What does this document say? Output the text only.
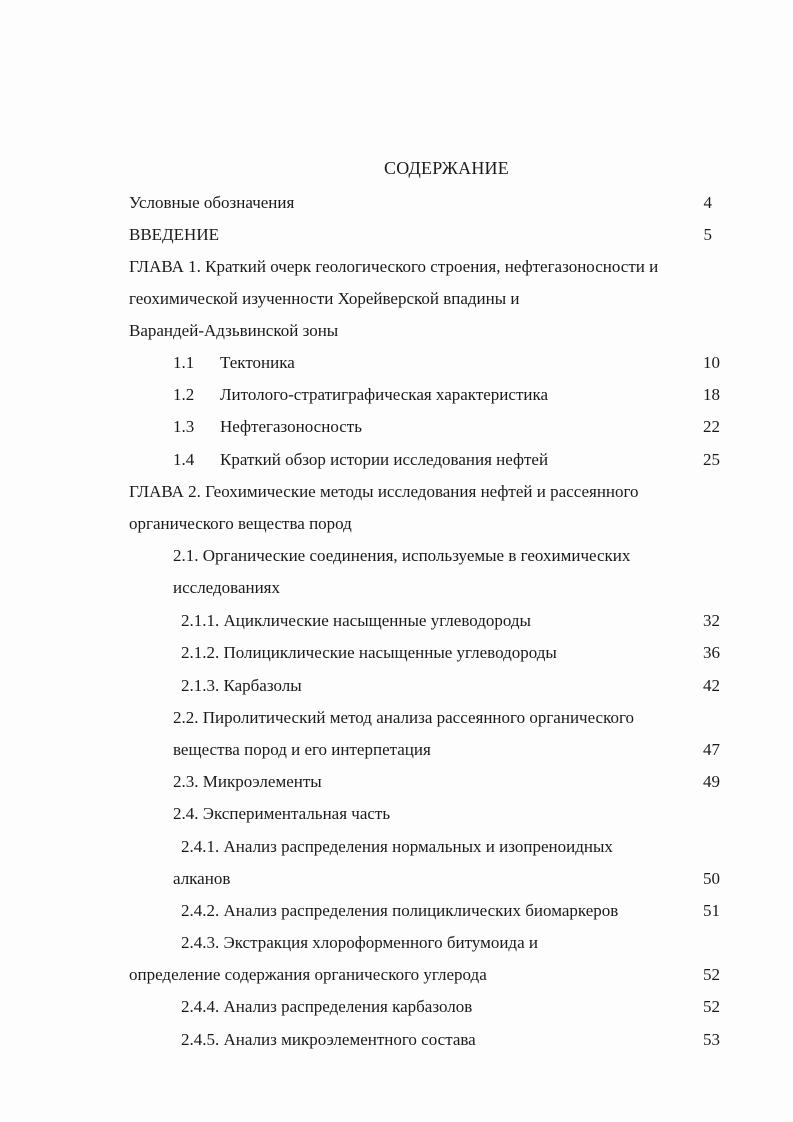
СОДЕРЖАНИЕ
Условные обозначения	4
ВВЕДЕНИЕ	5
ГЛАВА 1. Краткий очерк геологического строения, нефтегазоносности и
геохимической изученности Хорейверской впадины и
Варандей-Адзьвинской зоны
1.1 Тектоника	10
1.2 Литолого-стратиграфическая характеристика	18
1.3 Нефтегазоносность	22
1.4 Краткий обзор истории исследования нефтей	25
ГЛАВА 2. Геохимические методы исследования нефтей и рассеянного
органического вещества пород
2.1. Органические соединения, используемые в геохимических
исследованиях
2.1.1. Ациклические насыщенные углеводороды	32
2.1.2. Полициклические насыщенные углеводороды	36
2.1.3. Карбазолы	42
2.2. Пиролитический метод анализа рассеянного органического
вещества пород и его интерпетация	47
2.3. Микроэлементы	49
2.4. Экспериментальная часть
2.4.1. Анализ распределения нормальных и изопреноидных
алканов	50
2.4.2. Анализ распределения полициклических биомаркеров	51
2.4.3. Экстракция хлороформенного битумоида и
определение содержания органического углерода	52
2.4.4. Анализ распределения карбазолов	52
2.4.5. Анализ микроэлементного состава	53
